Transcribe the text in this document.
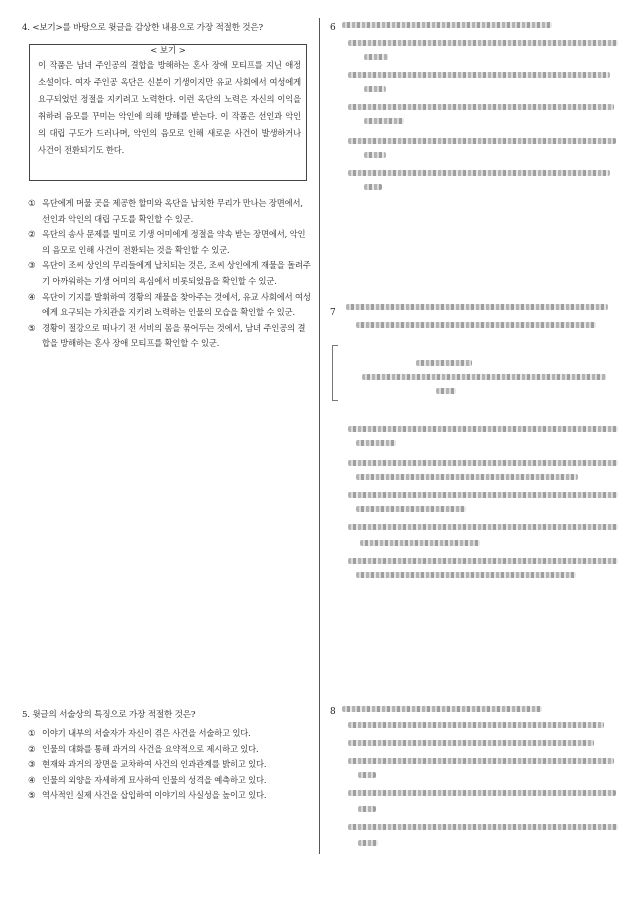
4. <보기>를 바탕으로 윗글을 감상한 내용으로 가장 적절한 것은?
< 보기 >
이 작품은 남녀 주인공의 결합을 방해하는 혼사 장애 모티프를 지닌 애정 소설이다. 여자 주인공 옥단은 신분이 기생이지만 유교 사회에서 여성에게 요구되었던 정절을 지키려고 노력한다. 이런 옥단의 노력은 자신의 이익을 취하려 음모를 꾸미는 악인에 의해 방해를 받는다. 이 작품은 선인과 악인의 대립 구도가 드러나며, 악인의 음모로 인해 새로운 사건이 발생하거나 사건이 전환되기도 한다.
① 옥단에게 머물 곳을 제공한 할미와 옥단을 납치한 무리가 만나는 장면에서, 선인과 악인의 대립 구도를 확인할 수 있군.
② 옥단의 송사 문제를 빌미로 기생 어미에게 정절을 약속 받는 장면에서, 악인의 음모로 인해 사건이 전환되는 것을 확인할 수 있군.
③ 옥단이 조씨 상인의 무리들에게 납치되는 것은, 조씨 상인에게 재물을 돌려주기 아까워하는 기생 어미의 욕심에서 비롯되었음을 확인할 수 있군.
④ 옥단이 기지를 발휘하여 경황의 재물을 찾아주는 것에서, 유교 사회에서 여성에게 요구되는 가치관을 지키려 노력하는 인물의 모습을 확인할 수 있군.
⑤ 경황이 절강으로 떠나기 전 서비의 몸을 묶어두는 것에서, 남녀 주인공의 결합을 방해하는 혼사 장애 모티프를 확인할 수 있군.
5. 윗글의 서술상의 특징으로 가장 적절한 것은?
① 이야기 내부의 서술자가 자신이 겪은 사건을 서술하고 있다.
② 인물의 대화를 통해 과거의 사건을 요약적으로 제시하고 있다.
③ 현재와 과거의 장면을 교차하여 사건의 인과관계를 밝히고 있다.
④ 인물의 외양을 자세하게 묘사하여 인물의 성격을 예측하고 있다.
⑤ 역사적인 실제 사건을 삽입하여 이야기의 사실성을 높이고 있다.
6
7
8
